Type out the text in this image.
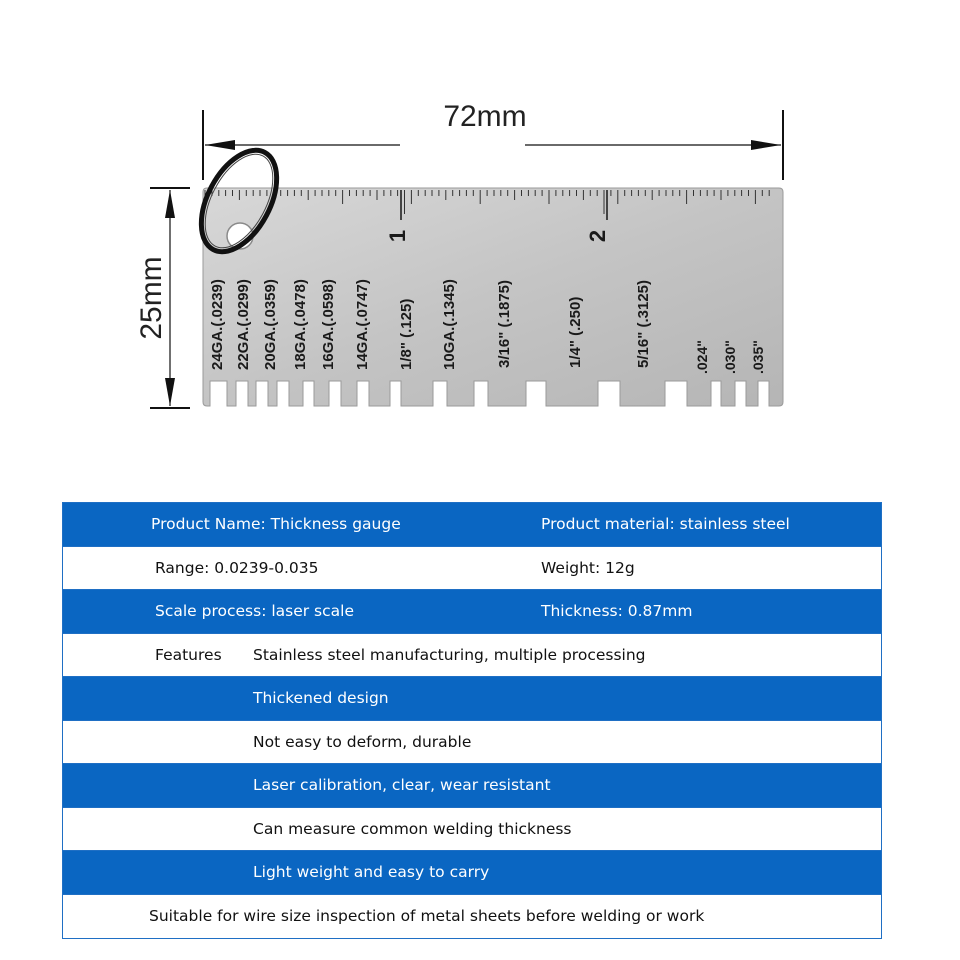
72mm
25mm
1	2
24GA.(.0239) 22GA.(.0299) 20GA.(.0359) 18GA.(.0478) 16GA.(.0598) 14GA.(.0747) 1/8" (.125) 10GA.(.1345)	3/16" (.1875)	1/4" (.250)	5/16" (.3125)	.024" .030" .035"
Product Name: Thickness gauge	Product material: stainless steel
Range: 0.0239-0.035	Weight: 12g
Scale process: laser scale	Thickness: 0.87mm
Features Stainless steel manufacturing, multiple processing
Thickened design
Not easy to deform, durable
Laser calibration, clear, wear resistant
Can measure common welding thickness
Light weight and easy to carry
Suitable for wire size inspection of metal sheets before welding or work
